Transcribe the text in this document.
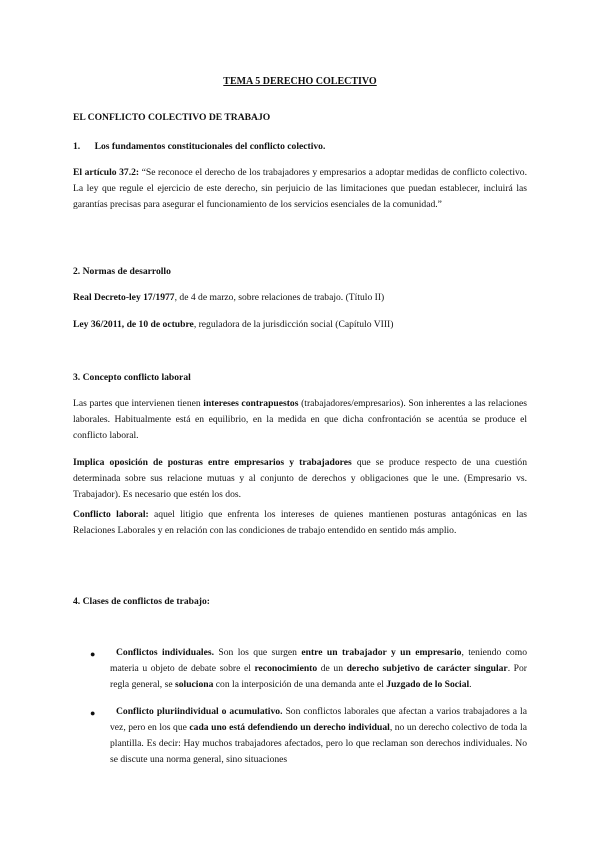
TEMA 5 DERECHO COLECTIVO

EL CONFLICTO COLECTIVO DE TRABAJO

1.      Los fundamentos constitucionales del conflicto colectivo.

El artículo 37.2: “Se reconoce el derecho de los trabajadores y empresarios a adoptar medidas de conflicto colectivo. La ley que regule el ejercicio de este derecho, sin perjuicio de las limitaciones que puedan establecer, incluirá las garantías precisas para asegurar el funcionamiento de los servicios esenciales de la comunidad.”

2. Normas de desarrollo

Real Decreto-ley 17/1977, de 4 de marzo, sobre relaciones de trabajo. (Título II)

Ley 36/2011, de 10 de octubre, reguladora de la jurisdicción social (Capítulo VIII)

3. Concepto conflicto laboral

Las partes que intervienen tienen intereses contrapuestos (trabajadores/empresarios). Son inherentes a las relaciones laborales. Habitualmente está en equilibrio, en la medida en que dicha confrontación se acentúa se produce el conflicto laboral.

Implica oposición de posturas entre empresarios y trabajadores que se produce respecto de una cuestión determinada sobre sus relacione mutuas y al conjunto de derechos y obligaciones que le une. (Empresario vs. Trabajador). Es necesario que estén los dos.

Conflicto laboral: aquel litigio que enfrenta los intereses de quienes mantienen posturas antagónicas en las Relaciones Laborales y en relación con las condiciones de trabajo entendido en sentido más amplio.

4. Clases de conflictos de trabajo:

●	Conflictos individuales. Son los que surgen entre un trabajador y un empresario, teniendo como materia u objeto de debate sobre el reconocimiento de un derecho subjetivo de carácter singular. Por regla general, se soluciona con la interposición de una demanda ante el Juzgado de lo Social.

●	Conflicto pluriindividual o acumulativo. Son conflictos laborales que afectan a varios trabajadores a la vez, pero en los que cada uno está defendiendo un derecho individual, no un derecho colectivo de toda la plantilla. Es decir: Hay muchos trabajadores afectados, pero lo que reclaman son derechos individuales. No se discute una norma general, sino situaciones
